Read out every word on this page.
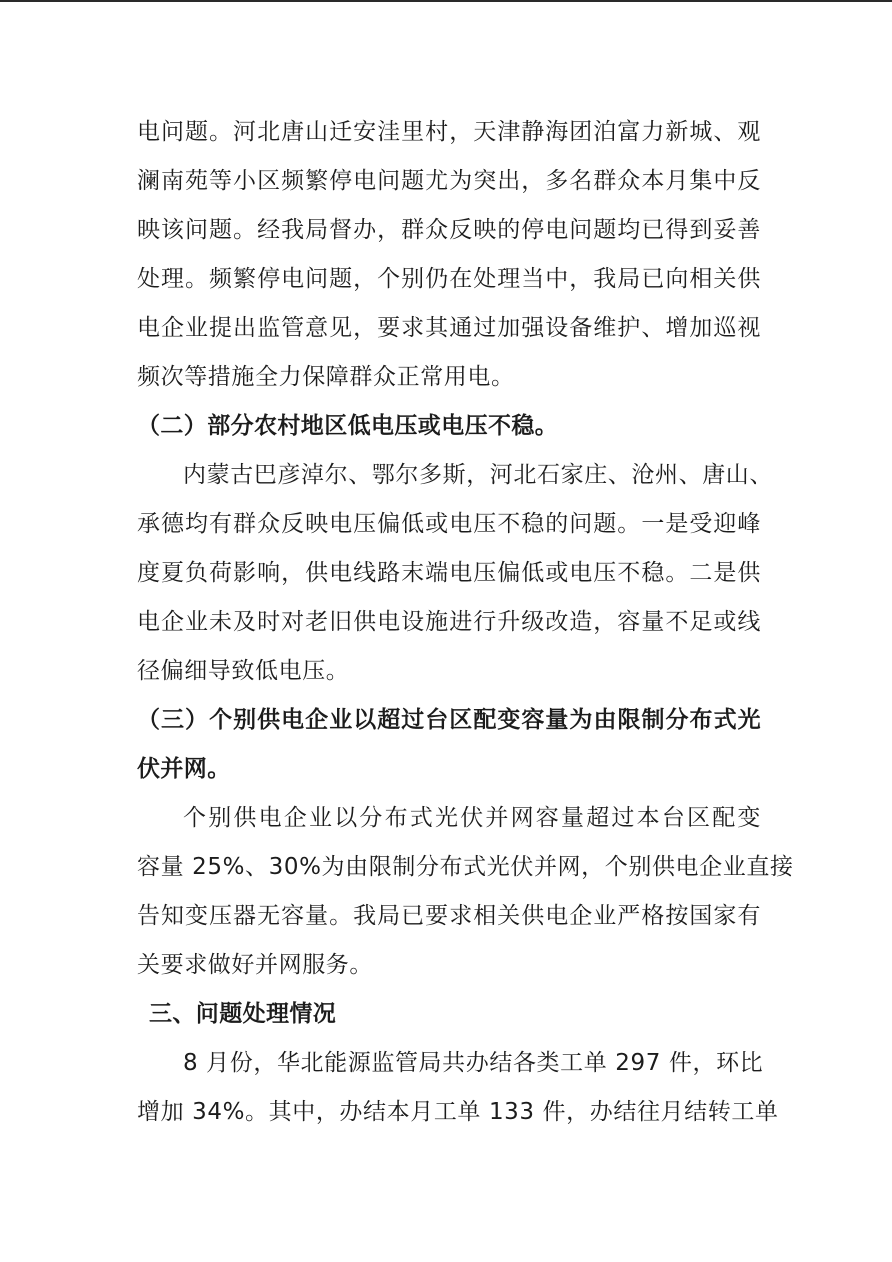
电问题。河北唐山迁安洼里村，天津静海团泊富力新城、观
澜南苑等小区频繁停电问题尤为突出，多名群众本月集中反
映该问题。经我局督办，群众反映的停电问题均已得到妥善
处理。频繁停电问题，个别仍在处理当中，我局已向相关供
电企业提出监管意见，要求其通过加强设备维护、增加巡视
频次等措施全力保障群众正常用电。
（二）部分农村地区低电压或电压不稳。
内蒙古巴彦淖尔、鄂尔多斯，河北石家庄、沧州、唐山、
承德均有群众反映电压偏低或电压不稳的问题。一是受迎峰
度夏负荷影响，供电线路末端电压偏低或电压不稳。二是供
电企业未及时对老旧供电设施进行升级改造，容量不足或线
径偏细导致低电压。
（三）个别供电企业以超过台区配变容量为由限制分布式光
伏并网。
个别供电企业以分布式光伏并网容量超过本台区配变
容量 25%、30%为由限制分布式光伏并网，个别供电企业直接
告知变压器无容量。我局已要求相关供电企业严格按国家有
关要求做好并网服务。
三、问题处理情况
8 月份，华北能源监管局共办结各类工单 297 件，环比
增加 34%。其中，办结本月工单 133 件，办结往月结转工单
